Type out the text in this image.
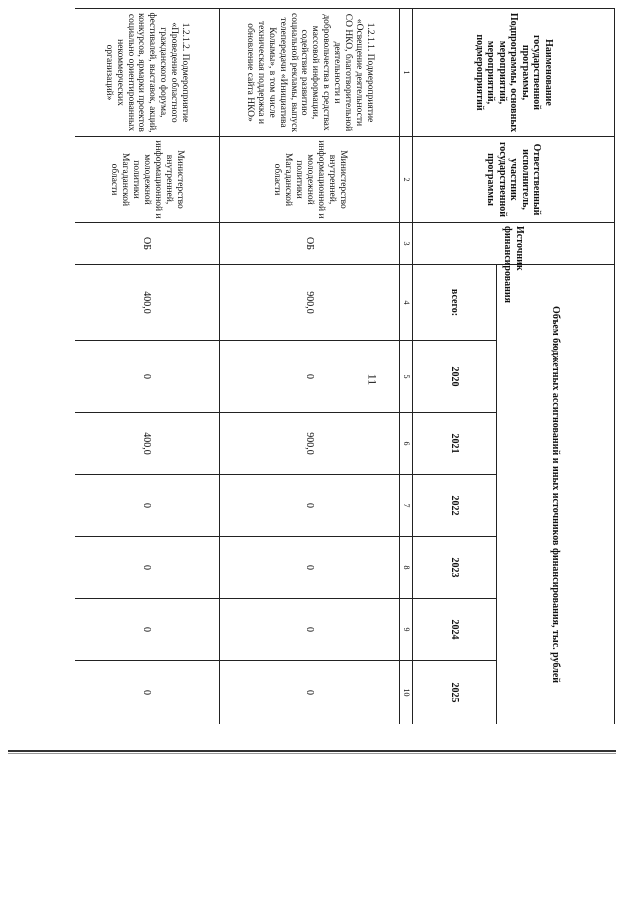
11
Наименование государственной программы, Подпрограммы, основных мероприятий, мероприятий, подмероприятий	Ответственный исполнитель, участник государственной программы	Источник финансирования	Объем бюджетных ассигнований и иных источников финансирования, тыс. рублей						
			всего:	2020	2021	2022	2023	2024	2025
1	2	3	4	5	6	7	8	9	10
1.2.1.1. Подмероприятие «Освещение деятельности СО НКО, благотворительной деятельности и добровольчества в средствах массовой информации, содействие развитию социальной рекламы, выпуск телепередачи «Инициатива Колымы», в том числе техническая поддержка и обновление сайта НКО»	Министерство внутренней, информационной и молодежной политики Магаданской области	ОБ	900,0	0	900,0	0	0	0	0
1.2.1.2. Подмероприятие «Проведение областного гражданского форума, фестивалей, выставок, акций, конкурсов, ярмарки проектов социально ориентированных некоммерческих организаций»	Министерство внутренней, информационной и молодежной политики Магаданской области	ОБ	400,0	0	400,0	0	0	0	0
